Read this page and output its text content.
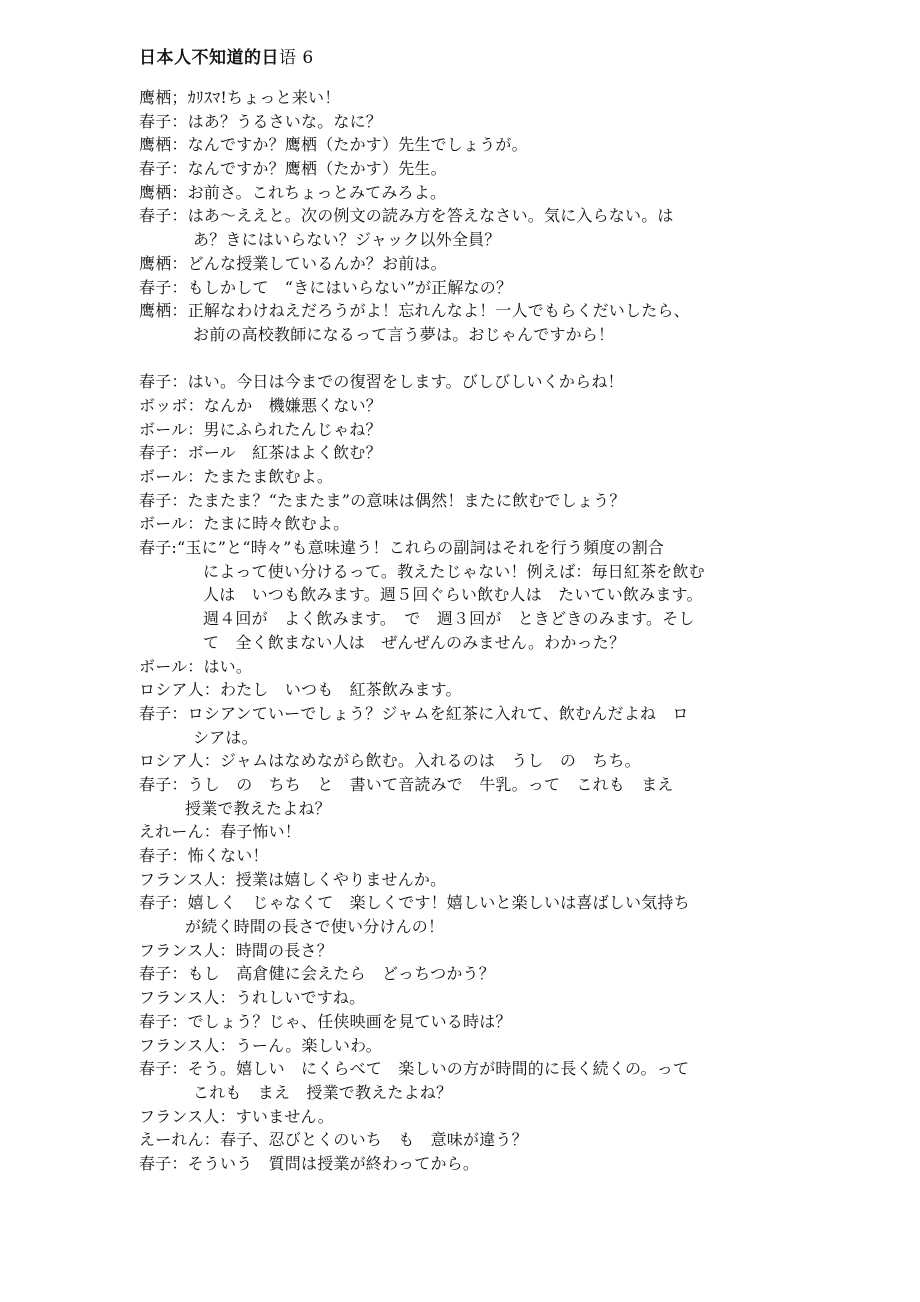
日本人不知道的日语 6
鹰栖；ｶﾘｽﾏ!ちょっと来い！
春子：はあ？うるさいな。なに？
鹰栖：なんですか？鹰栖（たかす）先生でしょうが。
春子：なんですか？鹰栖（たかす）先生。
鹰栖：お前さ。これちょっとみてみろよ。
春子：はあ〜ええと。次の例文の読み方を答えなさい。気に入らない。は
あ？きにはいらない？ジャック以外全員？
鹰栖：どんな授業しているんか？お前は。
春子：もしかして　“きにはいらない”が正解なの？
鹰栖：正解なわけねえだろうがよ！忘れんなよ！一人でもらくだいしたら、
お前の高校教師になるって言う夢は。おじゃんですから！
春子：はい。今日は今までの復習をします。びしびしいくからね！
ボッボ：なんか　機嫌悪くない？
ボール：男にふられたんじゃね？
春子：ボール　紅茶はよく飲む？
ボール：たまたま飲むよ。
春子：たまたま？“たまたま”の意味は偶然！またに飲むでしょう？
ボール：たまに時々飲むよ。
春子:“玉に”と“時々”も意味違う！これらの副詞はそれを行う頻度の割合
によって使い分けるって。教えたじゃない！例えば：毎日紅茶を飲む
人は　いつも飲みます。週５回ぐらい飲む人は　たいてい飲みます。
週４回が　よく飲みます。　で　週３回が　ときどきのみます。そし
て　全く飲まない人は　ぜんぜんのみません。わかった？
ボール：はい。
ロシア人：わたし　いつも　紅茶飲みます。
春子：ロシアンていーでしょう？ジャムを紅茶に入れて、飲むんだよね　ロ
シアは。
ロシア人：ジャムはなめながら飲む。入れるのは　うし　の　ちち。
春子：うし　の　ちち　と　書いて音読みで　牛乳。って　これも　まえ
授業で教えたよね？
えれーん：春子怖い！
春子：怖くない！
フランス人：授業は嬉しくやりませんか。
春子：嬉しく　じゃなくて　楽しくです！嬉しいと楽しいは喜ばしい気持ち
が続く時間の長さで使い分けんの！
フランス人：時間の長さ？
春子：もし　高倉健に会えたら　どっちつかう？
フランス人：うれしいですね。
春子：でしょう？じゃ、任侠映画を見ている時は？
フランス人：うーん。楽しいわ。
春子：そう。嬉しい　にくらべて　楽しいの方が時間的に長く続くの。って
これも　まえ　授業で教えたよね？
フランス人：すいません。
えーれん：春子、忍びとくのいち　も　意味が違う？
春子：そういう　質問は授業が終わってから。
